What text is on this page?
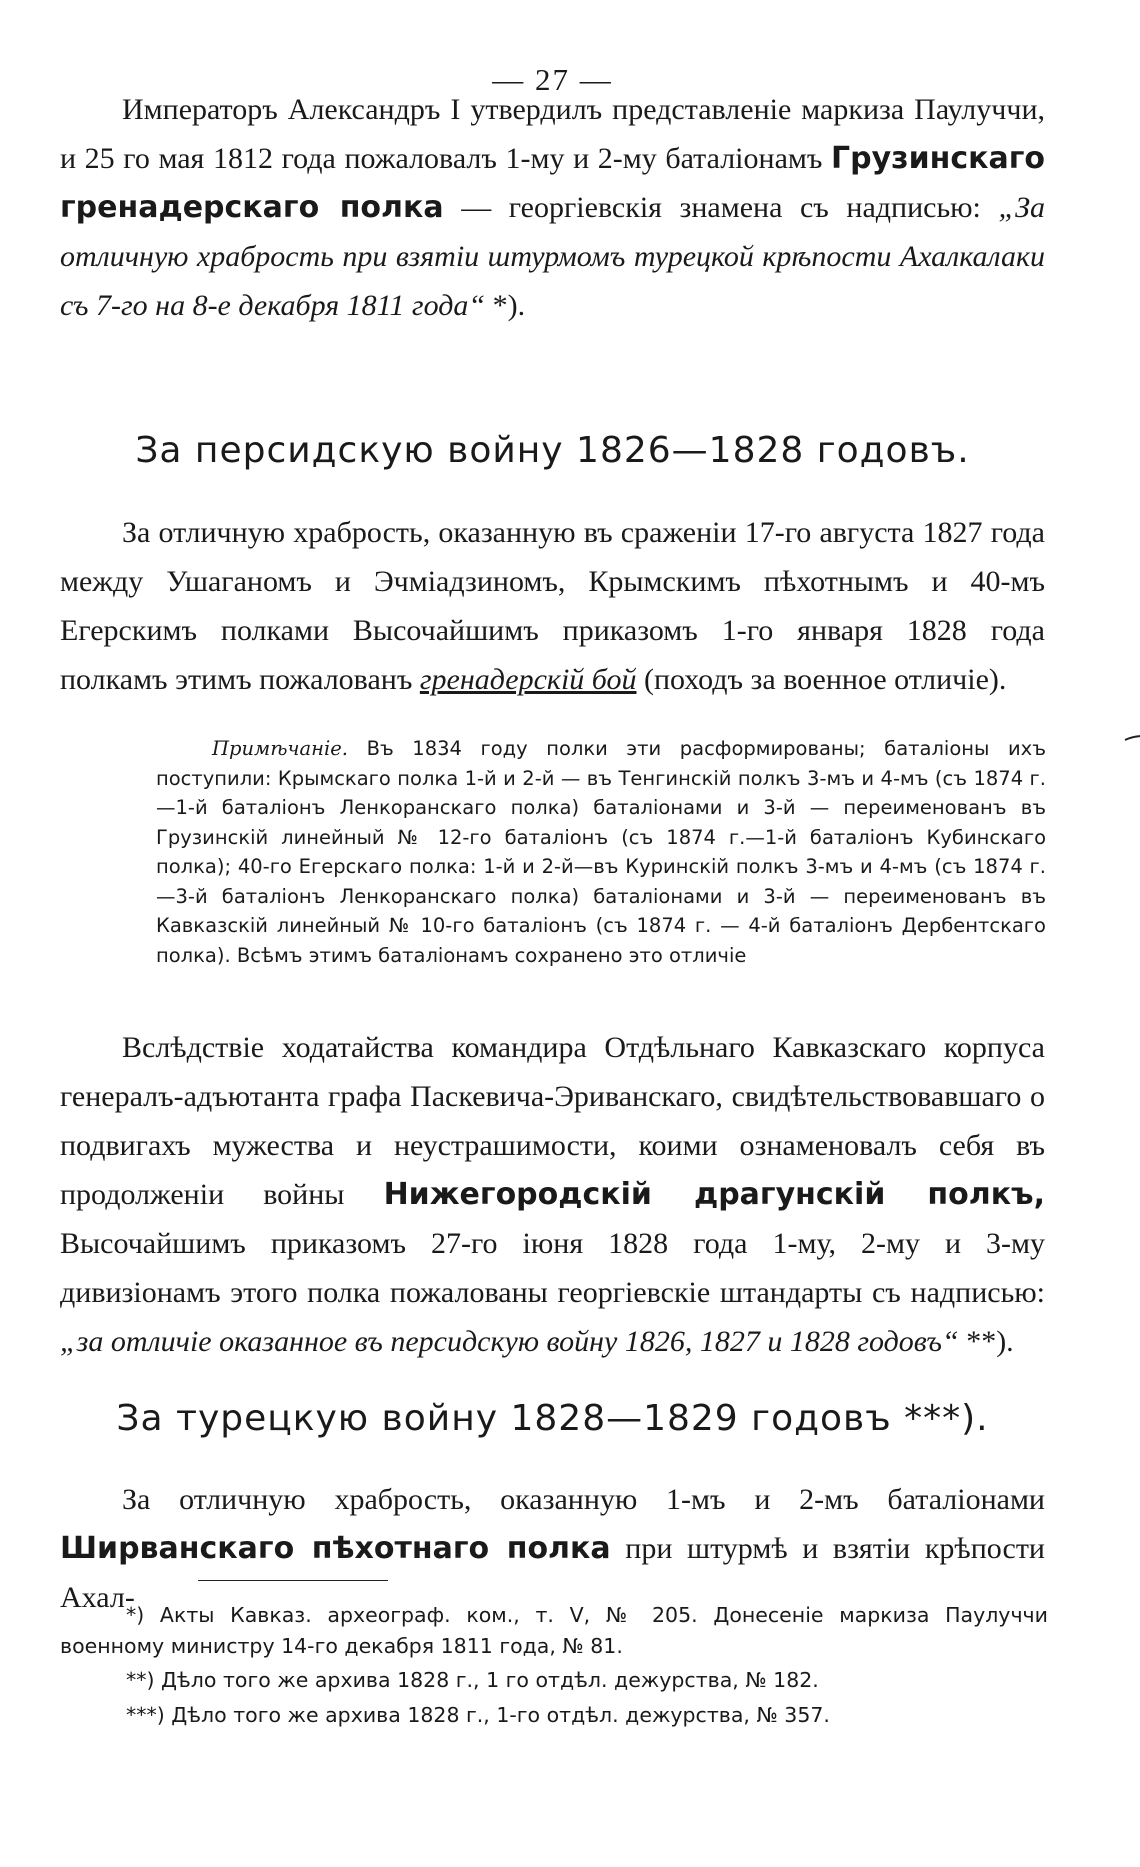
— 27 —

Императоръ Александръ I утвердилъ представленіе маркиза Паулуччи, и 25 го мая 1812 года пожаловалъ 1-му и 2-му баталіонамъ Грузинскаго гренадерскаго полка — георгіевскія знамена съ надписью: „За отличную храбрость при взятіи штурмомъ турецкой крѣпости Ахалкалаки съ 7-го на 8-е декабря 1811 года“ *).

За персидскую войну 1826—1828 годовъ.

За отличную храбрость, оказанную въ сраженіи 17-го августа 1827 года между Ушаганомъ и Эчміадзиномъ, Крымскимъ пѣхотнымъ и 40-мъ Егерскимъ полками Высочайшимъ приказомъ 1-го января 1828 года полкамъ этимъ пожалованъ гренадерскій бой (походъ за военное отличіе).

Примѣчаніе. Въ 1834 году полки эти расформированы; баталіоны ихъ поступили: Крымскаго полка 1-й и 2-й — въ Тенгинскій полкъ 3-мъ и 4-мъ (съ 1874 г.—1-й баталіонъ Ленкоранскаго полка) баталіонами и 3-й — переименованъ въ Грузинскій линейный № 12-го баталіонъ (съ 1874 г.—1-й баталіонъ Кубинскаго полка); 40-го Егерскаго полка: 1-й и 2-й—въ Куринскій полкъ 3-мъ и 4-мъ (съ 1874 г.—3-й баталіонъ Ленкоранскаго полка) баталіонами и 3-й — переименованъ въ Кавказскій линейный № 10-го баталіонъ (съ 1874 г. — 4-й баталіонъ Дербентскаго полка). Всѣмъ этимъ баталіонамъ сохранено это отличіе

Вслѣдствіе ходатайства командира Отдѣльнаго Кавказскаго корпуса генералъ-адъютанта графа Паскевича-Эриванскаго, свидѣтельствовавшаго о подвигахъ мужества и неустрашимости, коими ознаменовалъ себя въ продолженіи войны Нижегородскій драгунскій полкъ, Высочайшимъ приказомъ 27-го іюня 1828 года 1-му, 2-му и 3-му дивизіонамъ этого полка пожалованы георгіевскіе штандарты съ надписью: „за отличіе оказанное въ персидскую войну 1826, 1827 и 1828 годовъ“ **).

За турецкую войну 1828—1829 годовъ ***).

За отличную храбрость, оказанную 1-мъ и 2-мъ баталіонами Ширванскаго пѣхотнаго полка при штурмѣ и взятіи крѣпости Ахал-

*) Акты Кавказ. археограф. ком., т. V, № 205. Донесеніе маркиза Паулуччи военному министру 14-го декабря 1811 года, № 81.
**) Дѣло того же архива 1828 г., 1 го отдѣл. дежурства, № 182.
***) Дѣло того же архива 1828 г., 1-го отдѣл. дежурства, № 357.
